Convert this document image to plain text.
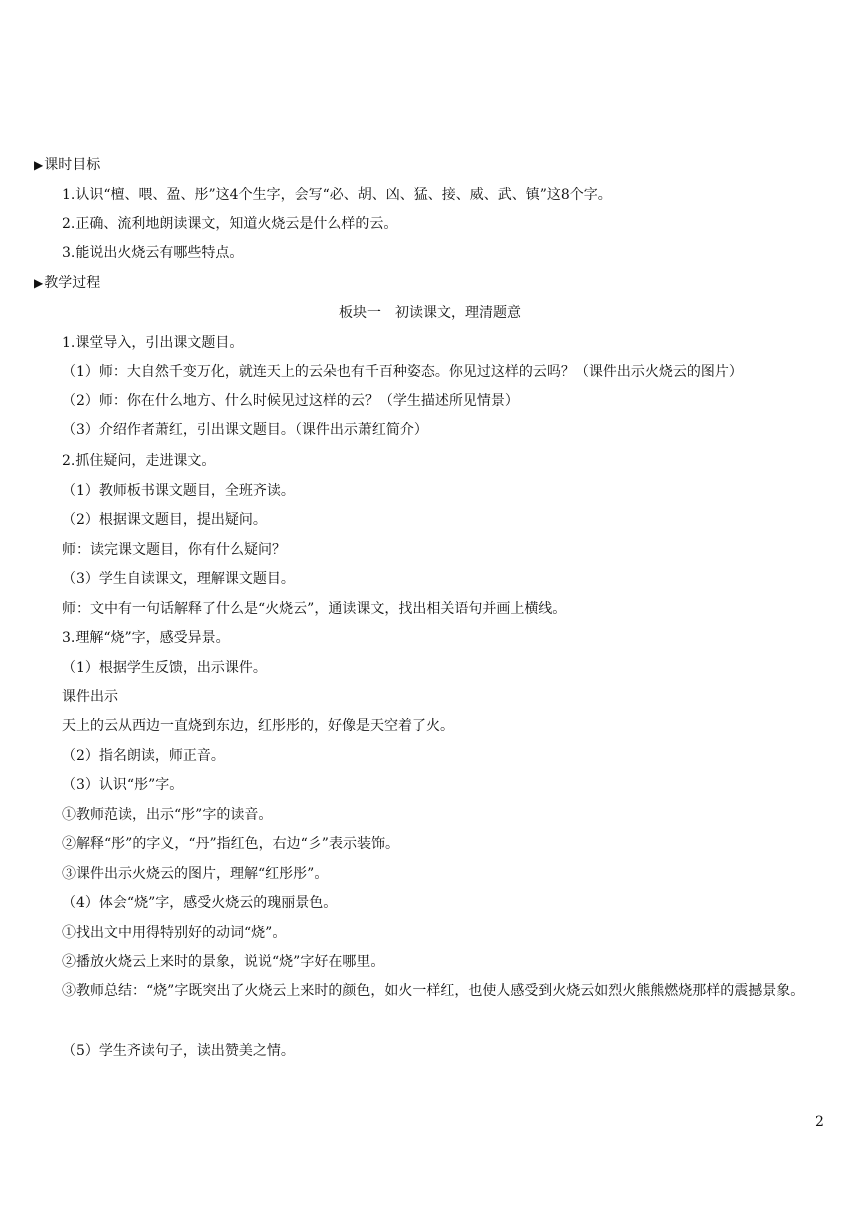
▶课时目标
1.认识“檀、喂、盈、彤”这4个生字，会写“必、胡、凶、猛、接、威、武、镇”这8个字。
2.正确、流利地朗读课文，知道火烧云是什么样的云。
3.能说出火烧云有哪些特点。
▶教学过程
板块一　初读课文，理清题意
1.课堂导入，引出课文题目。
（1）师：大自然千变万化，就连天上的云朵也有千百种姿态。你见过这样的云吗？（课件出示火烧云的图片）
（2）师：你在什么地方、什么时候见过这样的云？（学生描述所见情景）
（3）介绍作者萧红，引出课文题目。（课件出示萧红简介）
2.抓住疑问，走进课文。
（1）教师板书课文题目，全班齐读。
（2）根据课文题目，提出疑问。
师：读完课文题目，你有什么疑问？
（3）学生自读课文，理解课文题目。
师：文中有一句话解释了什么是“火烧云”，通读课文，找出相关语句并画上横线。
3.理解“烧”字，感受异景。
（1）根据学生反馈，出示课件。
课件出示
天上的云从西边一直烧到东边，红彤彤的，好像是天空着了火。
（2）指名朗读，师正音。
（3）认识“彤”字。
①教师范读，出示“彤”字的读音。
②解释“彤”的字义，“丹”指红色，右边“彡”表示装饰。
③课件出示火烧云的图片，理解“红彤彤”。
（4）体会“烧”字，感受火烧云的瑰丽景色。
①找出文中用得特别好的动词“烧”。
②播放火烧云上来时的景象，说说“烧”字好在哪里。
③教师总结：“烧”字既突出了火烧云上来时的颜色，如火一样红，也使人感受到火烧云如烈火熊熊燃烧那样的震撼景象。
（5）学生齐读句子，读出赞美之情。
2
